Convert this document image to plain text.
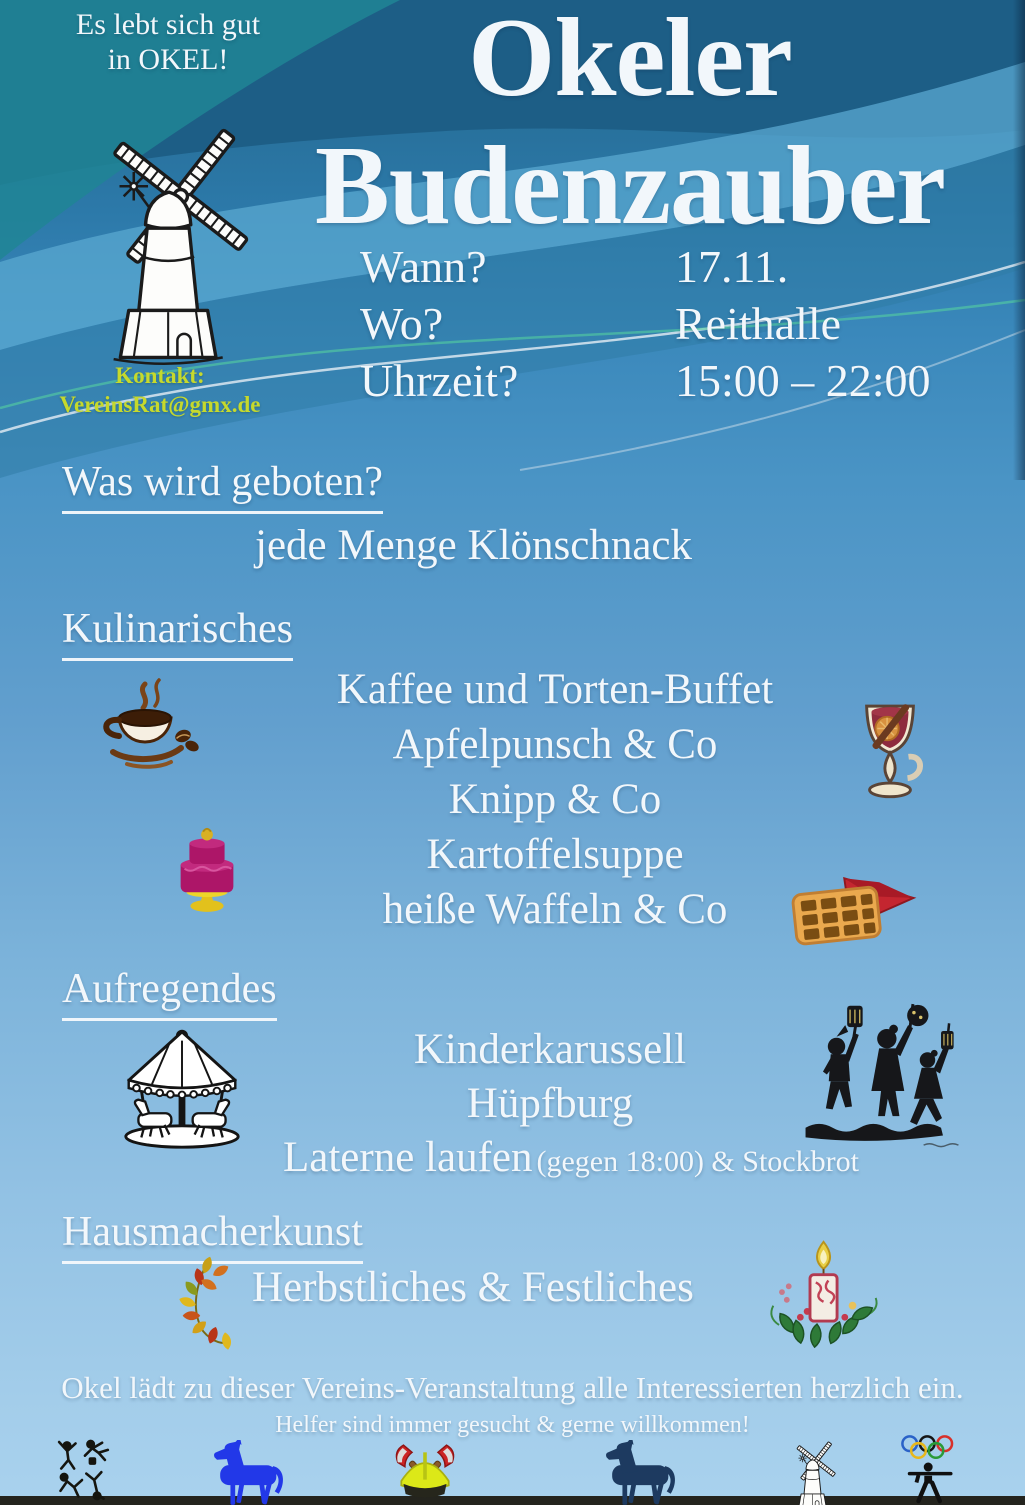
Es lebt sich gut
in OKEL!
Kontakt:
VereinsRat@gmx.de
Okeler
Budenzauber
Wann?	17.11.
Wo?	Reithalle
Uhrzeit?	15:00 – 22:00
Was wird geboten?
jede Menge Klönschnack
Kulinarisches
Kaffee und Torten-Buffet
Apfelpunsch & Co
Knipp & Co
Kartoffelsuppe
heiße Waffeln & Co
Aufregendes
Kinderkarussell
Hüpfburg
Laterne laufen (gegen 18:00) & Stockbrot
Hausmacherkunst
Herbstliches & Festliches
Okel lädt zu dieser Vereins-Veranstaltung alle Interessierten herzlich ein.
Helfer sind immer gesucht & gerne willkommen!
